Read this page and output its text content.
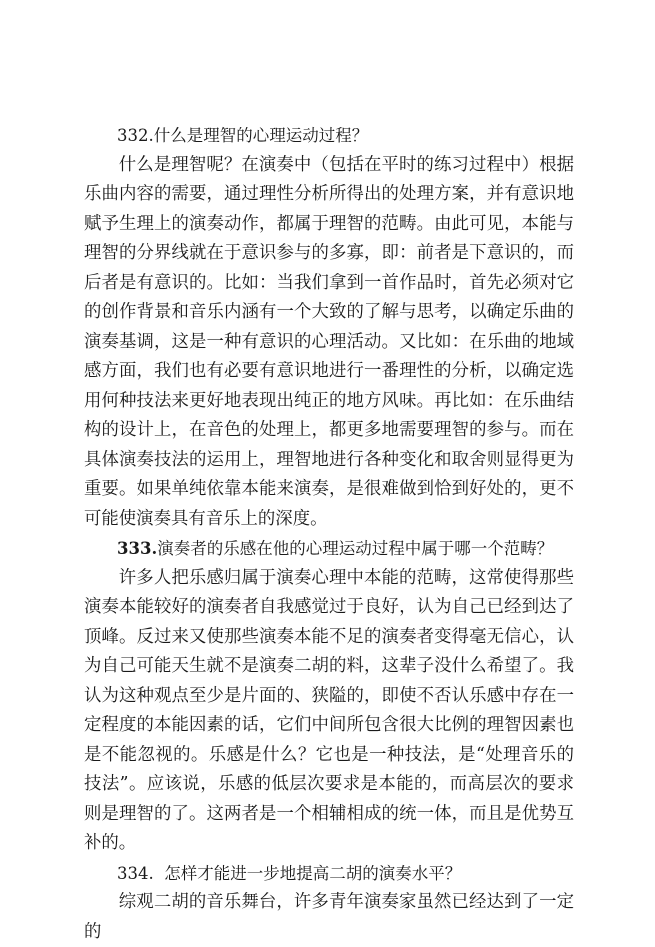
332.什么是理智的心理运动过程？

什么是理智呢？在演奏中（包括在平时的练习过程中）根据乐曲内容的需要，通过理性分析所得出的处理方案，并有意识地赋予生理上的演奏动作，都属于理智的范畴。由此可见，本能与理智的分界线就在于意识参与的多寡，即：前者是下意识的，而后者是有意识的。比如：当我们拿到一首作品时，首先必须对它的创作背景和音乐内涵有一个大致的了解与思考，以确定乐曲的演奏基调，这是一种有意识的心理活动。又比如：在乐曲的地域感方面，我们也有必要有意识地进行一番理性的分析，以确定选用何种技法来更好地表现出纯正的地方风味。再比如：在乐曲结构的设计上，在音色的处理上，都更多地需要理智的参与。而在具体演奏技法的运用上，理智地进行各种变化和取舍则显得更为重要。如果单纯依靠本能来演奏，是很难做到恰到好处的，更不可能使演奏具有音乐上的深度。

333.演奏者的乐感在他的心理运动过程中属于哪一个范畴？

许多人把乐感归属于演奏心理中本能的范畴，这常使得那些演奏本能较好的演奏者自我感觉过于良好，认为自己已经到达了顶峰。反过来又使那些演奏本能不足的演奏者变得毫无信心，认为自己可能天生就不是演奏二胡的料，这辈子没什么希望了。我认为这种观点至少是片面的、狭隘的，即使不否认乐感中存在一定程度的本能因素的话，它们中间所包含很大比例的理智因素也是不能忽视的。乐感是什么？它也是一种技法，是“处理音乐的技法”。应该说，乐感的低层次要求是本能的，而高层次的要求则是理智的了。这两者是一个相辅相成的统一体，而且是优势互补的。

334. 怎样才能进一步地提高二胡的演奏水平？

综观二胡的音乐舞台，许多青年演奏家虽然已经达到了一定的
